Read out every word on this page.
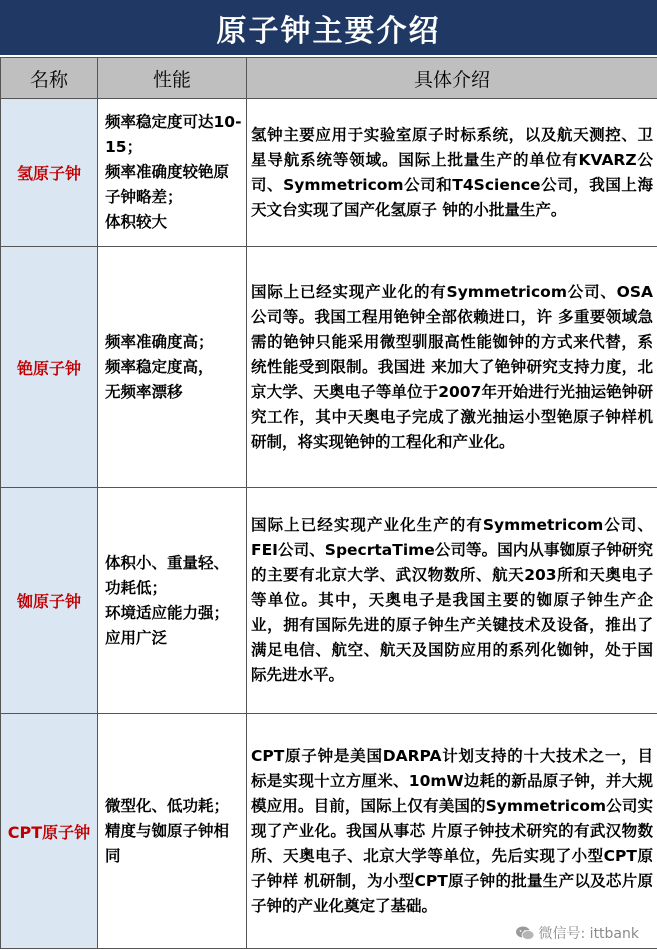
原子钟主要介绍
名称	性能	具体介绍
氢原子钟	频率稳定度可达10-15；
频率准确度较铯原子钟略差；
体积较大	氢钟主要应用于实验室原子时标系统，以及航天测控、卫星导航系统等领域。国际上批量生产的单位有KVARZ公司、Symmetricom公司和T4Science公司，我国上海天文台实现了国产化氢原子 钟的小批量生产。

铯原子钟	频率准确度高；
频率稳定度高，
无频率漂移	国际上已经实现产业化的有Symmetricom公司、OSA公司等。我国工程用铯钟全部依赖进口，许 多重要领域急需的铯钟只能采用微型驯服高性能铷钟的方式来代替，系统性能受到限制。我国进 来加大了铯钟研究支持力度，北京大学、天奥电子等单位于2007年开始进行光抽运铯钟研究工作，其中天奥电子完成了激光抽运小型铯原子钟样机研制，将实现铯钟的工程化和产业化。

铷原子钟	体积小、重量轻、功耗低；
环境适应能力强；
应用广泛	国际上已经实现产业化生产的有Symmetricom公司、FEI公司、SpecrtaTime公司等。国内从事铷原子钟研究的主要有北京大学、武汉物数所、航天203所和天奥电子等单位。其中，天奥电子是我国主要的铷原子钟生产企业，拥有国际先进的原子钟生产关键技术及设备，推出了满足电信、航空、航天及国防应用的系列化铷钟，处于国际先进水平。

CPT原子钟	微型化、低功耗；
精度与铷原子钟相同	CPT原子钟是美国DARPA计划支持的十大技术之一，目标是实现十立方厘米、10mW边耗的新品原子钟，并大规模应用。目前，国际上仅有美国的Symmetricom公司实现了产业化。我国从事芯 片原子钟技术研究的有武汉物数所、天奥电子、北京大学等单位，先后实现了小型CPT原子钟样 机研制，为小型CPT原子钟的批量生产以及芯片原子钟的产业化奠定了基础。
微信号: ittbank
